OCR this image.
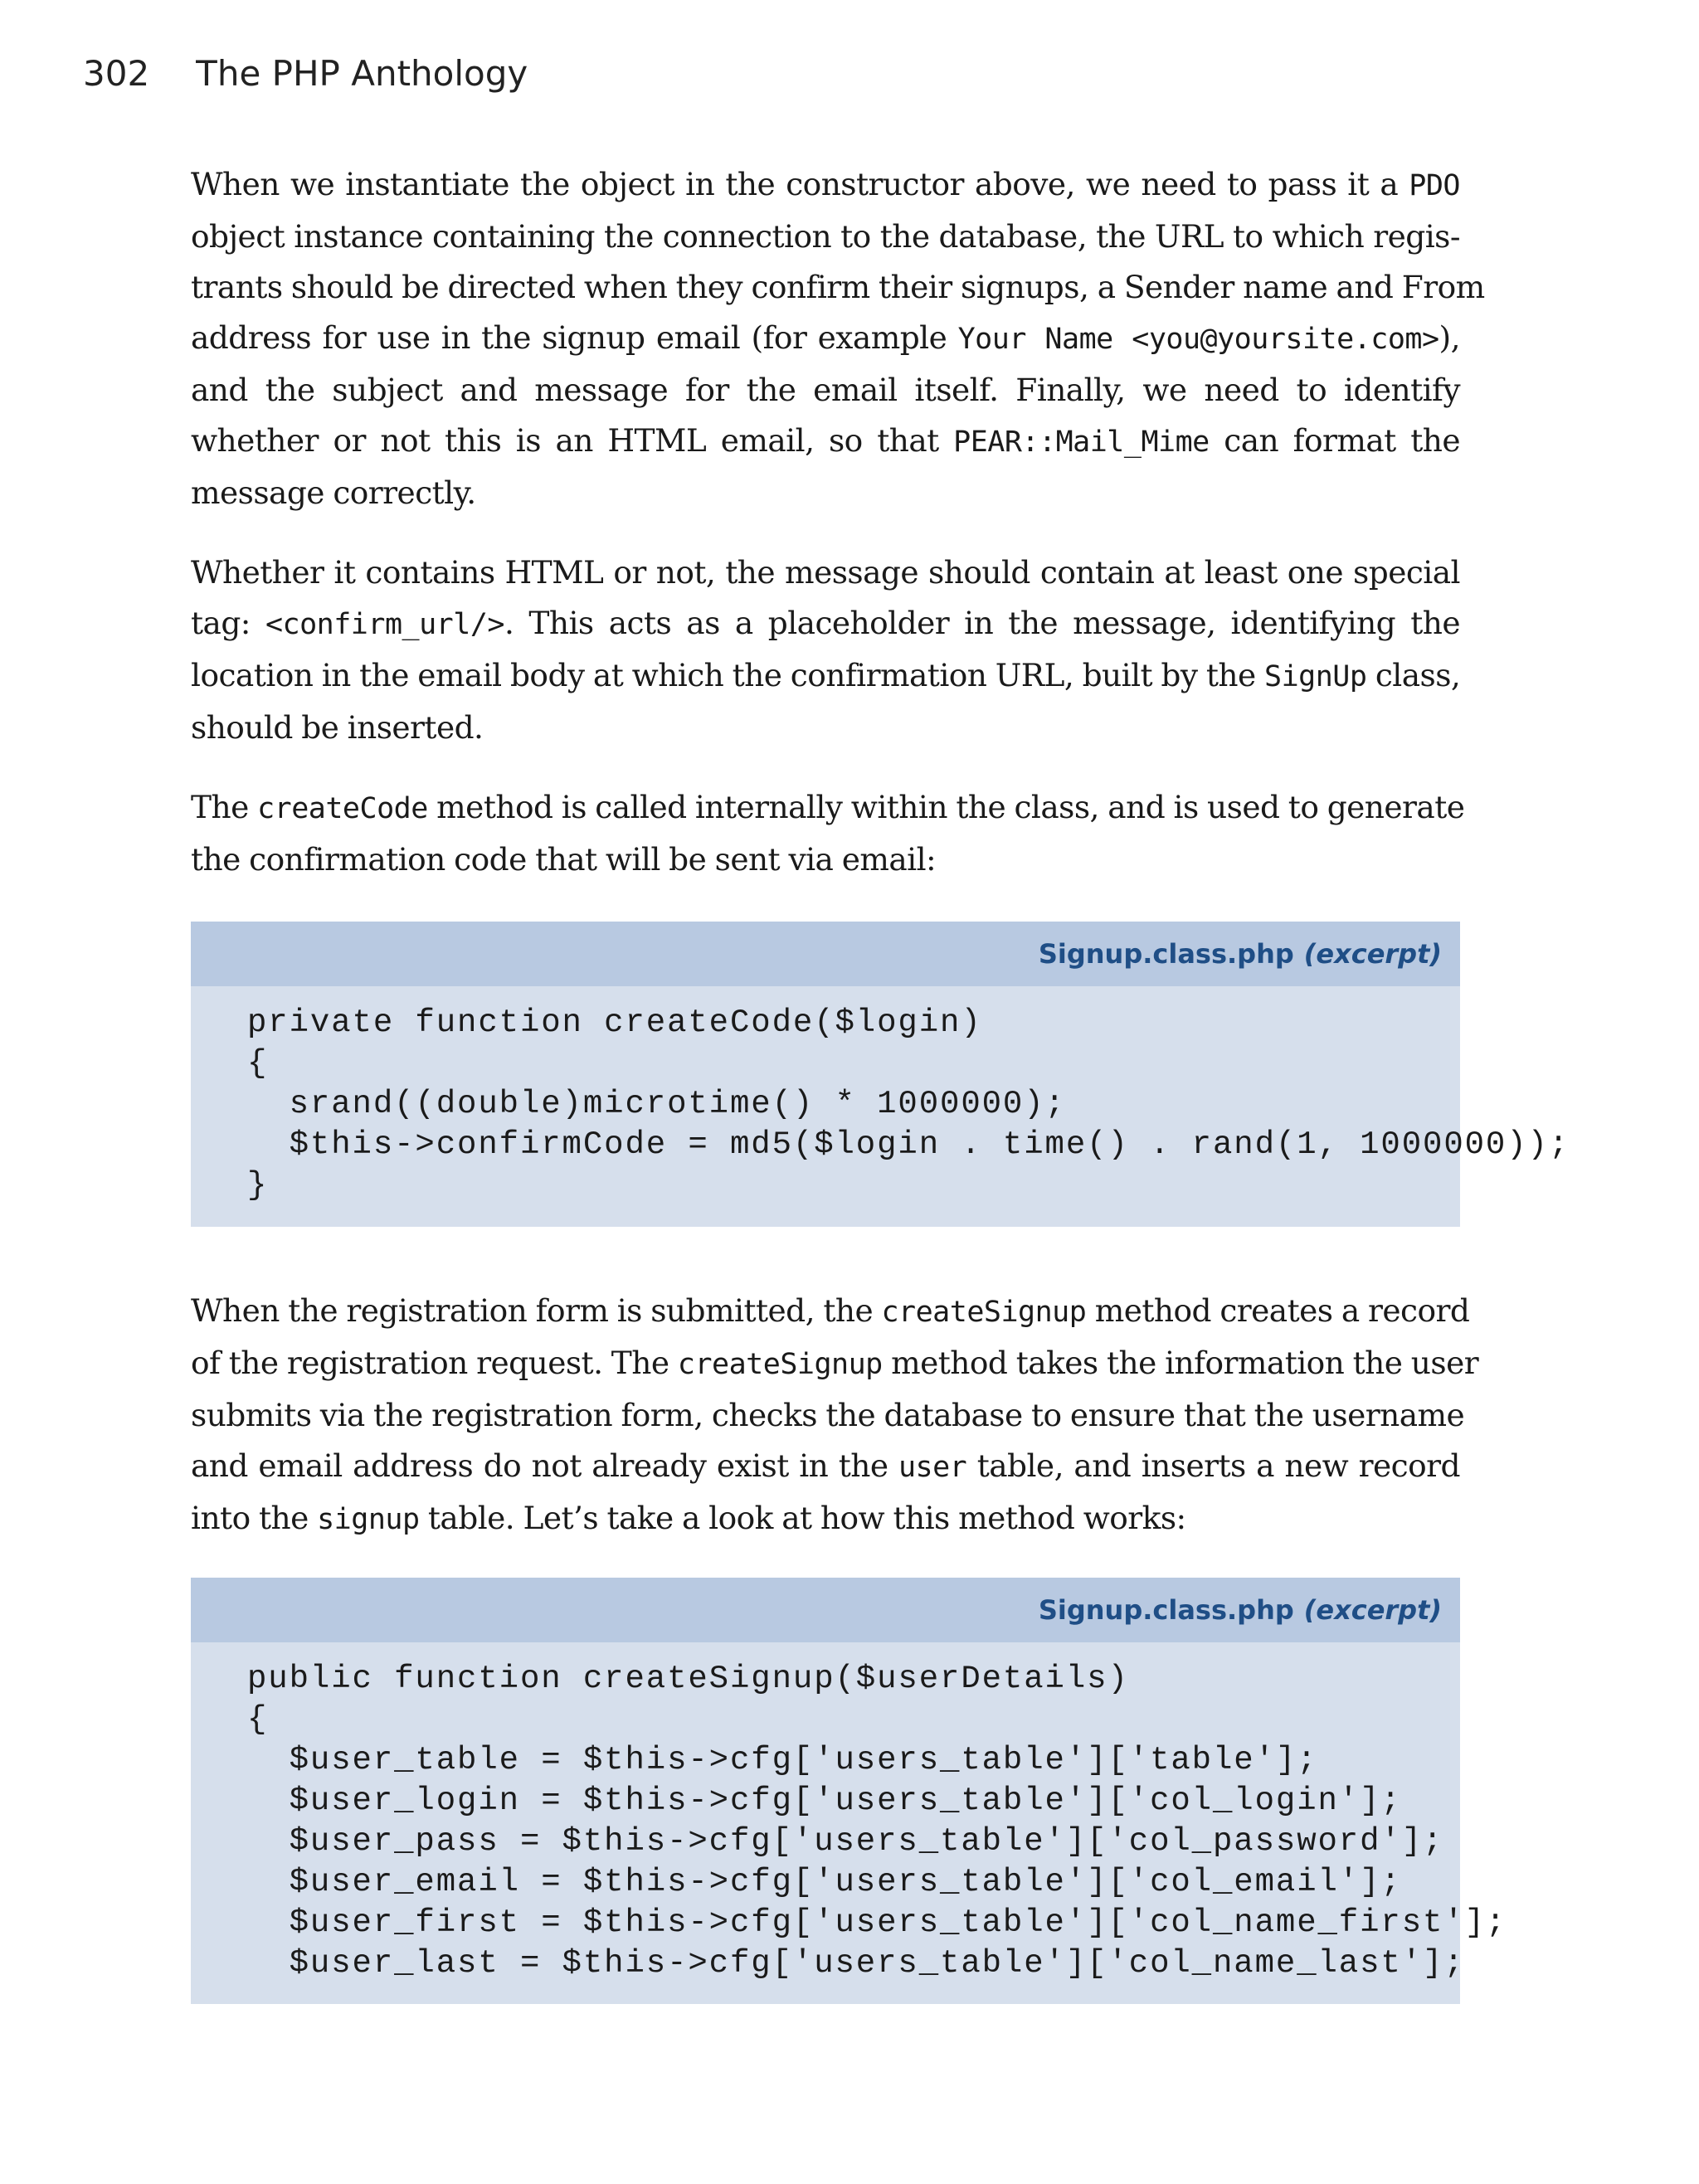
302 The PHP Anthology

When we instantiate the object in the constructor above, we need to pass it a PDO
object instance containing the connection to the database, the URL to which regis-
trants should be directed when they confirm their signups, a Sender name and From
address for use in the signup email (for example Your Name <you@yoursite.com>),
and the subject and message for the email itself. Finally, we need to identify
whether or not this is an HTML email, so that PEAR::Mail_Mime can format the
message correctly.

Whether it contains HTML or not, the message should contain at least one special
tag: <confirm_url/>. This acts as a placeholder in the message, identifying the
location in the email body at which the confirmation URL, built by the SignUp class,
should be inserted.

The createCode method is called internally within the class, and is used to generate
the confirmation code that will be sent via email:

When the registration form is submitted, the createSignup method creates a record
of the registration request. The createSignup method takes the information the user
submits via the registration form, checks the database to ensure that the username
and email address do not already exist in the user table, and inserts a new record
into the signup table. Let’s take a look at how this method works:

Signup.class.php (excerpt)
private function createCode($login)
{
srand((double)microtime() * 1000000);
$this->confirmCode = md5($login . time() . rand(1, 1000000));
}
Signup.class.php (excerpt)
public function createSignup($userDetails)
{
$user_table = $this->cfg['users_table']['table'];
$user_login = $this->cfg['users_table']['col_login'];
$user_pass = $this->cfg['users_table']['col_password'];
$user_email = $this->cfg['users_table']['col_email'];
$user_first = $this->cfg['users_table']['col_name_first'];
$user_last = $this->cfg['users_table']['col_name_last'];
